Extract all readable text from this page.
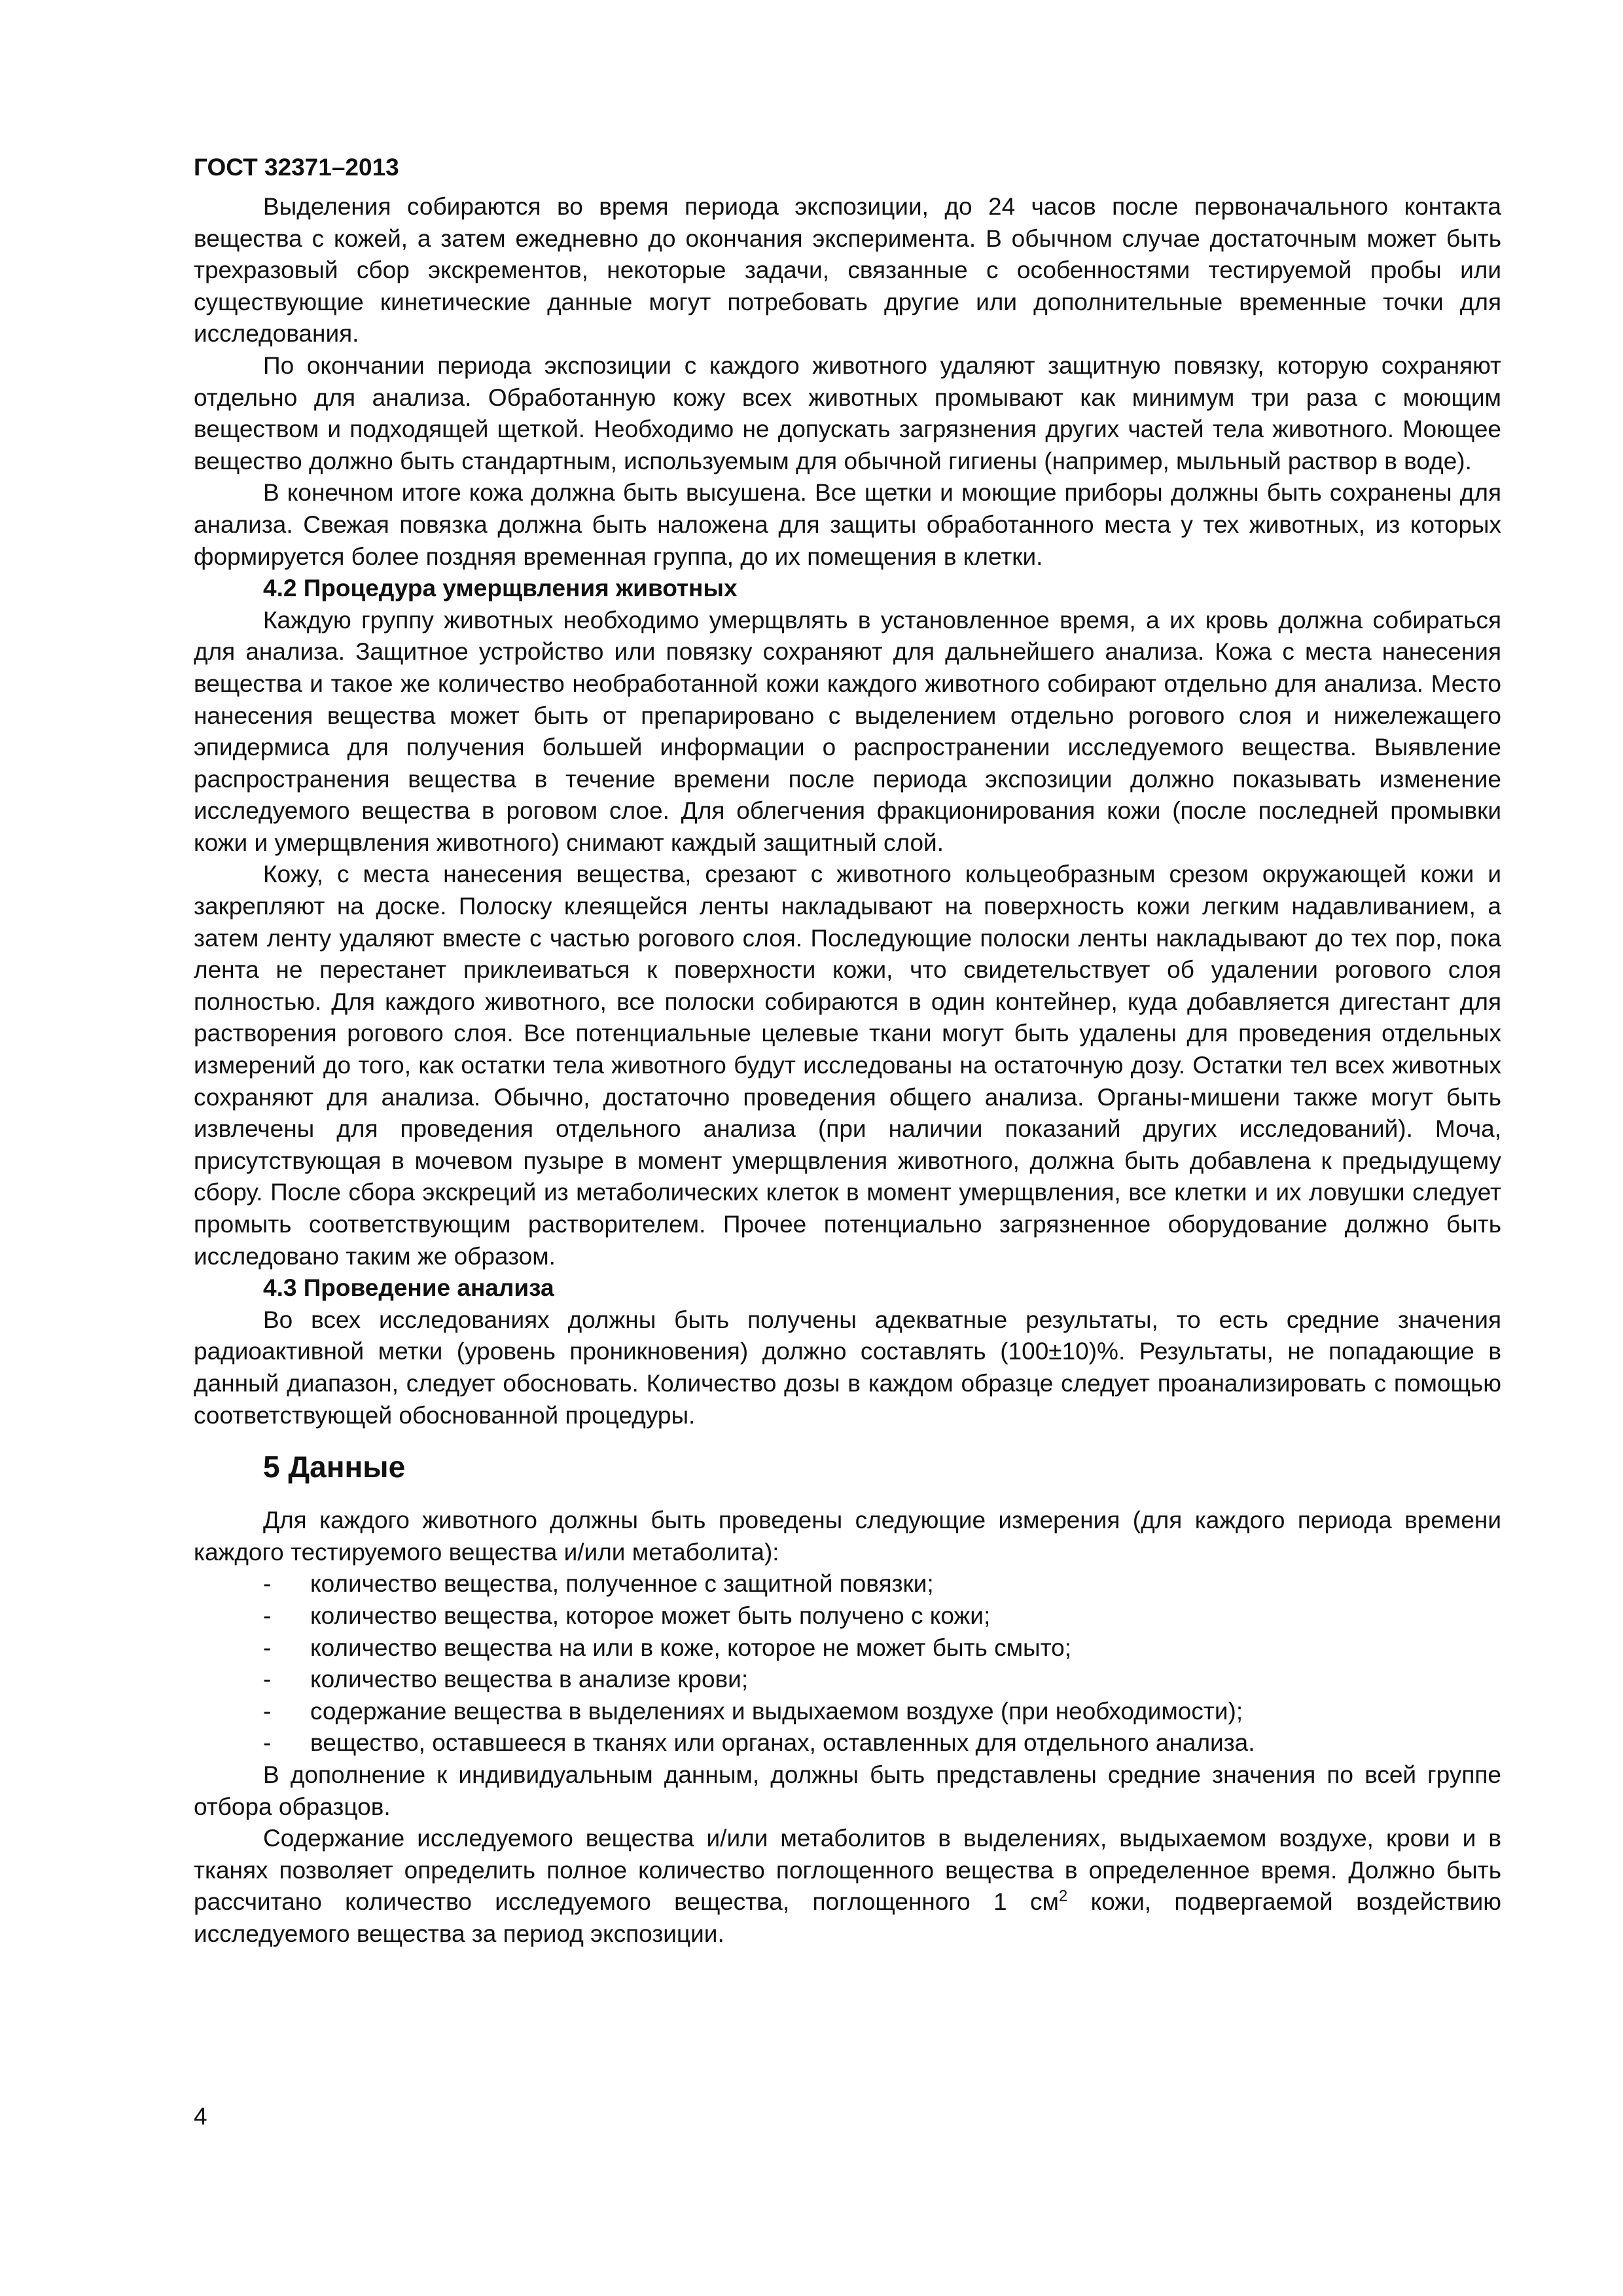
ГОСТ 32371–2013

Выделения собираются во время периода экспозиции, до 24 часов после первоначального контакта вещества с кожей, а затем ежедневно до окончания эксперимента. В обычном случае достаточным может быть трехразовый сбор экскрементов, некоторые задачи, связанные с особенностями тестируемой пробы или существующие кинетические данные могут потребовать другие или дополнительные временные точки для исследования.

По окончании периода экспозиции с каждого животного удаляют защитную повязку, которую сохраняют отдельно для анализа. Обработанную кожу всех животных промывают как минимум три раза с моющим веществом и подходящей щеткой. Необходимо не допускать загрязнения других частей тела животного. Моющее вещество должно быть стандартным, используемым для обычной гигиены (например, мыльный раствор в воде).

В конечном итоге кожа должна быть высушена. Все щетки и моющие приборы должны быть сохранены для анализа. Свежая повязка должна быть наложена для защиты обработанного места у тех животных, из которых формируется более поздняя временная группа, до их помещения в клетки.

4.2 Процедура умерщвления животных

Каждую группу животных необходимо умерщвлять в установленное время, а их кровь должна собираться для анализа. Защитное устройство или повязку сохраняют для дальнейшего анализа. Кожа с места нанесения вещества и такое же количество необработанной кожи каждого животного собирают отдельно для анализа. Место нанесения вещества может быть от препарировано с выделением отдельно рогового слоя и нижележащего эпидермиса для получения большей информации о распространении исследуемого вещества. Выявление распространения вещества в течение времени после периода экспозиции должно показывать изменение исследуемого вещества в роговом слое. Для облегчения фракционирования кожи (после последней промывки кожи и умерщвления животного) снимают каждый защитный слой.

Кожу, с места нанесения вещества, срезают с животного кольцеобразным срезом окружающей кожи и закрепляют на доске. Полоску клеящейся ленты накладывают на поверхность кожи легким надавливанием, а затем ленту удаляют вместе с частью рогового слоя. Последующие полоски ленты накладывают до тех пор, пока лента не перестанет приклеиваться к поверхности кожи, что свидетельствует об удалении рогового слоя полностью. Для каждого животного, все полоски собираются в один контейнер, куда добавляется дигестант для растворения рогового слоя. Все потенциальные целевые ткани могут быть удалены для проведения отдельных измерений до того, как остатки тела животного будут исследованы на остаточную дозу. Остатки тел всех животных сохраняют для анализа. Обычно, достаточно проведения общего анализа. Органы-мишени также могут быть извлечены для проведения отдельного анализа (при наличии показаний других исследований). Моча, присутствующая в мочевом пузыре в момент умерщвления животного, должна быть добавлена к предыдущему сбору. После сбора экскреций из метаболических клеток в момент умерщвления, все клетки и их ловушки следует промыть соответствующим растворителем. Прочее потенциально загрязненное оборудование должно быть исследовано таким же образом.

4.3 Проведение анализа

Во всех исследованиях должны быть получены адекватные результаты, то есть средние значения радиоактивной метки (уровень проникновения) должно составлять (100±10)%. Результаты, не попадающие в данный диапазон, следует обосновать. Количество дозы в каждом образце следует проанализировать с помощью соответствующей обоснованной процедуры.

5 Данные

Для каждого животного должны быть проведены следующие измерения (для каждого периода времени каждого тестируемого вещества и/или метаболита):

- количество вещества, полученное с защитной повязки;
- количество вещества, которое может быть получено с кожи;
- количество вещества на или в коже, которое не может быть смыто;
- количество вещества в анализе крови;
- содержание вещества в выделениях и выдыхаемом воздухе (при необходимости);
- вещество, оставшееся в тканях или органах, оставленных для отдельного анализа.

В дополнение к индивидуальным данным, должны быть представлены средние значения по всей группе отбора образцов.

Содержание исследуемого вещества и/или метаболитов в выделениях, выдыхаемом воздухе, крови и в тканях позволяет определить полное количество поглощенного вещества в определенное время. Должно быть рассчитано количество исследуемого вещества, поглощенного 1 $см^2$ кожи, подвергаемой воздействию исследуемого вещества за период экспозиции.

4
